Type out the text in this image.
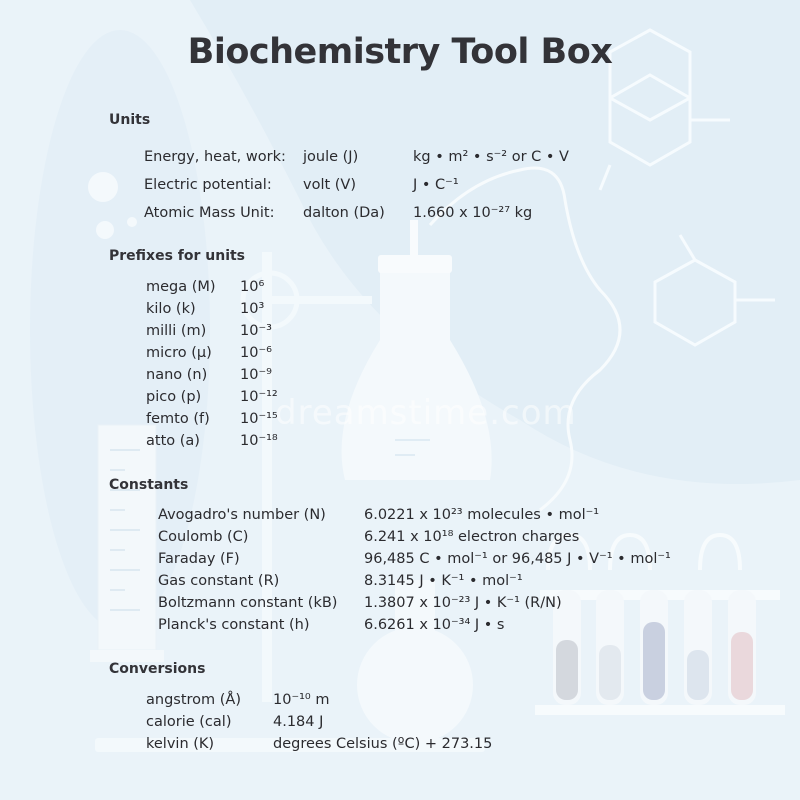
dreamstime.com
Biochemistry Tool Box
Units
Energy, heat, work: joule (J)	kg • m² • s⁻² or C • V
Electric potential: volt (V)	J • C⁻¹
Atomic Mass Unit: dalton (Da) 1.660 x 10⁻²⁷ kg
Prefixes for units
mega (M) 10⁶
kilo (k)	10³
milli (m) 10⁻³
micro (μ) 10⁻⁶
nano (n) 10⁻⁹
pico (p)	10⁻¹²
femto (f) 10⁻¹⁵
atto (a)	10⁻¹⁸
Constants
Avogadro's number (N)	6.0221 x 10²³ molecules • mol⁻¹
Coulomb (C)	6.241 x 10¹⁸ electron charges
Faraday (F)	96,485 C • mol⁻¹ or 96,485 J • V⁻¹ • mol⁻¹
Gas constant (R)	8.3145 J • K⁻¹ • mol⁻¹
Boltzmann constant (kB) 1.3807 x 10⁻²³ J • K⁻¹ (R/N)
Planck's constant (h)	6.6261 x 10⁻³⁴ J • s
Conversions
angstrom (Å) 10⁻¹⁰ m
calorie (cal)	4.184 J
kelvin (K)	degrees Celsius (ºC) + 273.15
